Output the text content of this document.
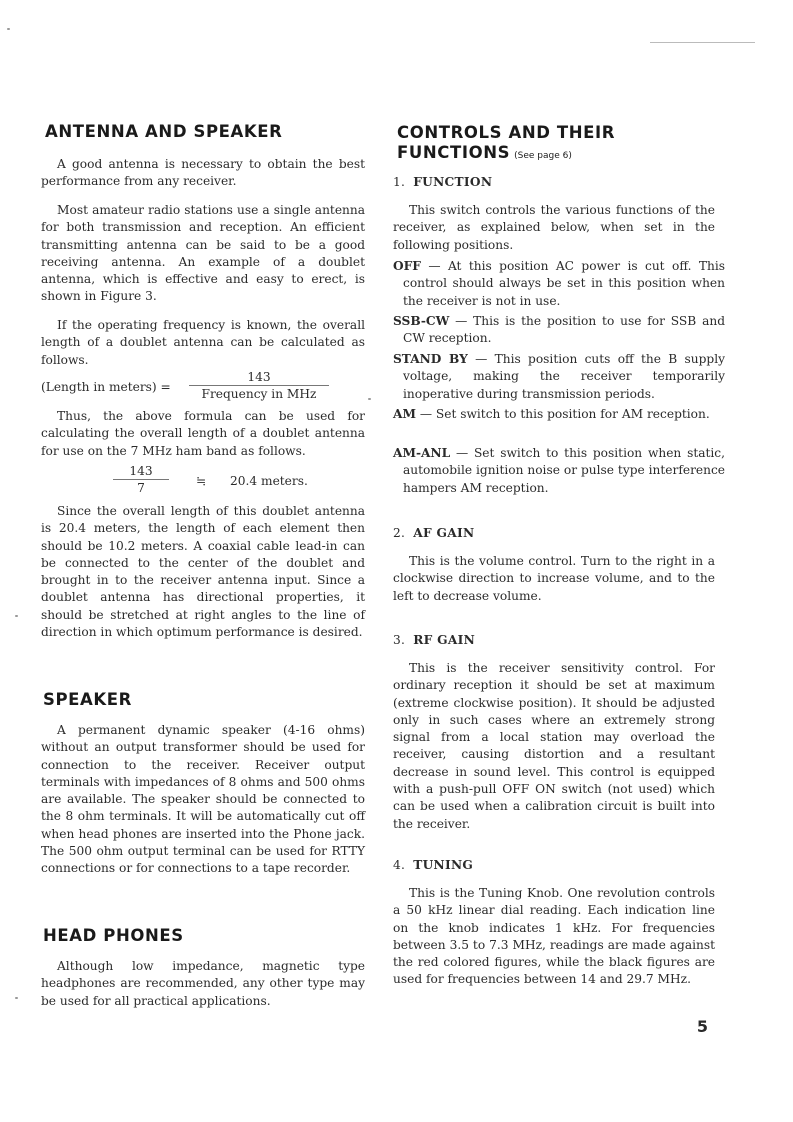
ANTENNA AND SPEAKER

A good antenna is necessary to obtain the best performance from any receiver.

Most amateur radio stations use a single antenna for both transmission and reception. An efficient transmitting antenna can be said to be a good receiving antenna. An example of a doublet antenna, which is effective and easy to erect, is shown in Figure 3.

If the operating frequency is known, the overall length of a doublet antenna can be calculated as follows.

(Length in meters) =
143
Frequency in MHz

Thus, the above formula can be used for calculating the overall length of a doublet antenna for use on the 7 MHz ham band as follows.

$\frac{143}{7}$ ≒ 20.4 meters.

Since the overall length of this doublet antenna is 20.4 meters, the length of each element then should be 10.2 meters. A coaxial cable lead-in can be connected to the center of the doublet and brought in to the receiver antenna input. Since a doublet antenna has directional properties, it should be stretched at right angles to the line of direction in which optimum performance is desired.

SPEAKER

A permanent dynamic speaker (4-16 ohms) without an output transformer should be used for connection to the receiver. Receiver output terminals with impedances of 8 ohms and 500 ohms are available. The speaker should be connected to the 8 ohm terminals. It will be automatically cut off when head phones are inserted into the Phone jack. The 500 ohm output terminal can be used for RTTY connections or for connections to a tape recorder.

HEAD PHONES

Although low impedance, magnetic type headphones are recommended, any other type may be used for all practical applications.

CONTROLS AND THEIR
FUNCTIONS (See page 6)
1. FUNCTION

This switch controls the various functions of the receiver, as explained below, when set in the following positions.

OFF — At this position AC power is cut off. This control should always be set in this position when the receiver is not in use.

SSB-CW — This is the position to use for SSB and CW reception.

STAND BY — This position cuts off the B supply voltage, making the receiver temporarily inoperative during transmission periods.

AM — Set switch to this position for AM reception.

AM-ANL — Set switch to this position when static, automobile ignition noise or pulse type interference hampers AM reception.

2. AF GAIN

This is the volume control. Turn to the right in a clockwise direction to increase volume, and to the left to decrease volume.

3. RF GAIN

This is the receiver sensitivity control. For ordinary reception it should be set at maximum (extreme clockwise position). It should be adjusted only in such cases where an extremely strong signal from a local station may overload the receiver, causing distortion and a resultant decrease in sound level. This control is equipped with a push-pull OFF ON switch (not used) which can be used when a calibration circuit is built into the receiver.

4. TUNING

This is the Tuning Knob. One revolution controls a 50 kHz linear dial reading. Each indication line on the knob indicates 1 kHz. For frequencies between 3.5 to 7.3 MHz, readings are made against the red colored figures, while the black figures are used for frequencies between 14 and 29.7 MHz.

5
